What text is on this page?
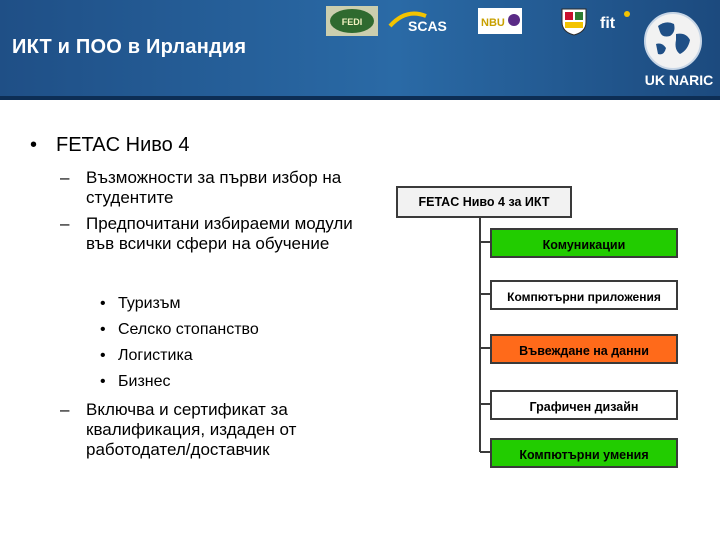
ИКТ и ПОО в Ирландия
FEDI	SCAS	NBU	fit
UK NARIC
• FETAC Ниво 4
– Възможности за първи избор на студентите
– Предпочитани избираеми модули във всички сфери на обучение
• Туризъм
• Селско стопанство
• Логистика
• Бизнес
– Включва и сертификат за квалификация, издаден от работодател/доставчик
FETAC Ниво 4 за ИКТ
Комуникации
Компютърни приложения
Въвеждане на данни
Графичен дизайн
Компютърни умения
